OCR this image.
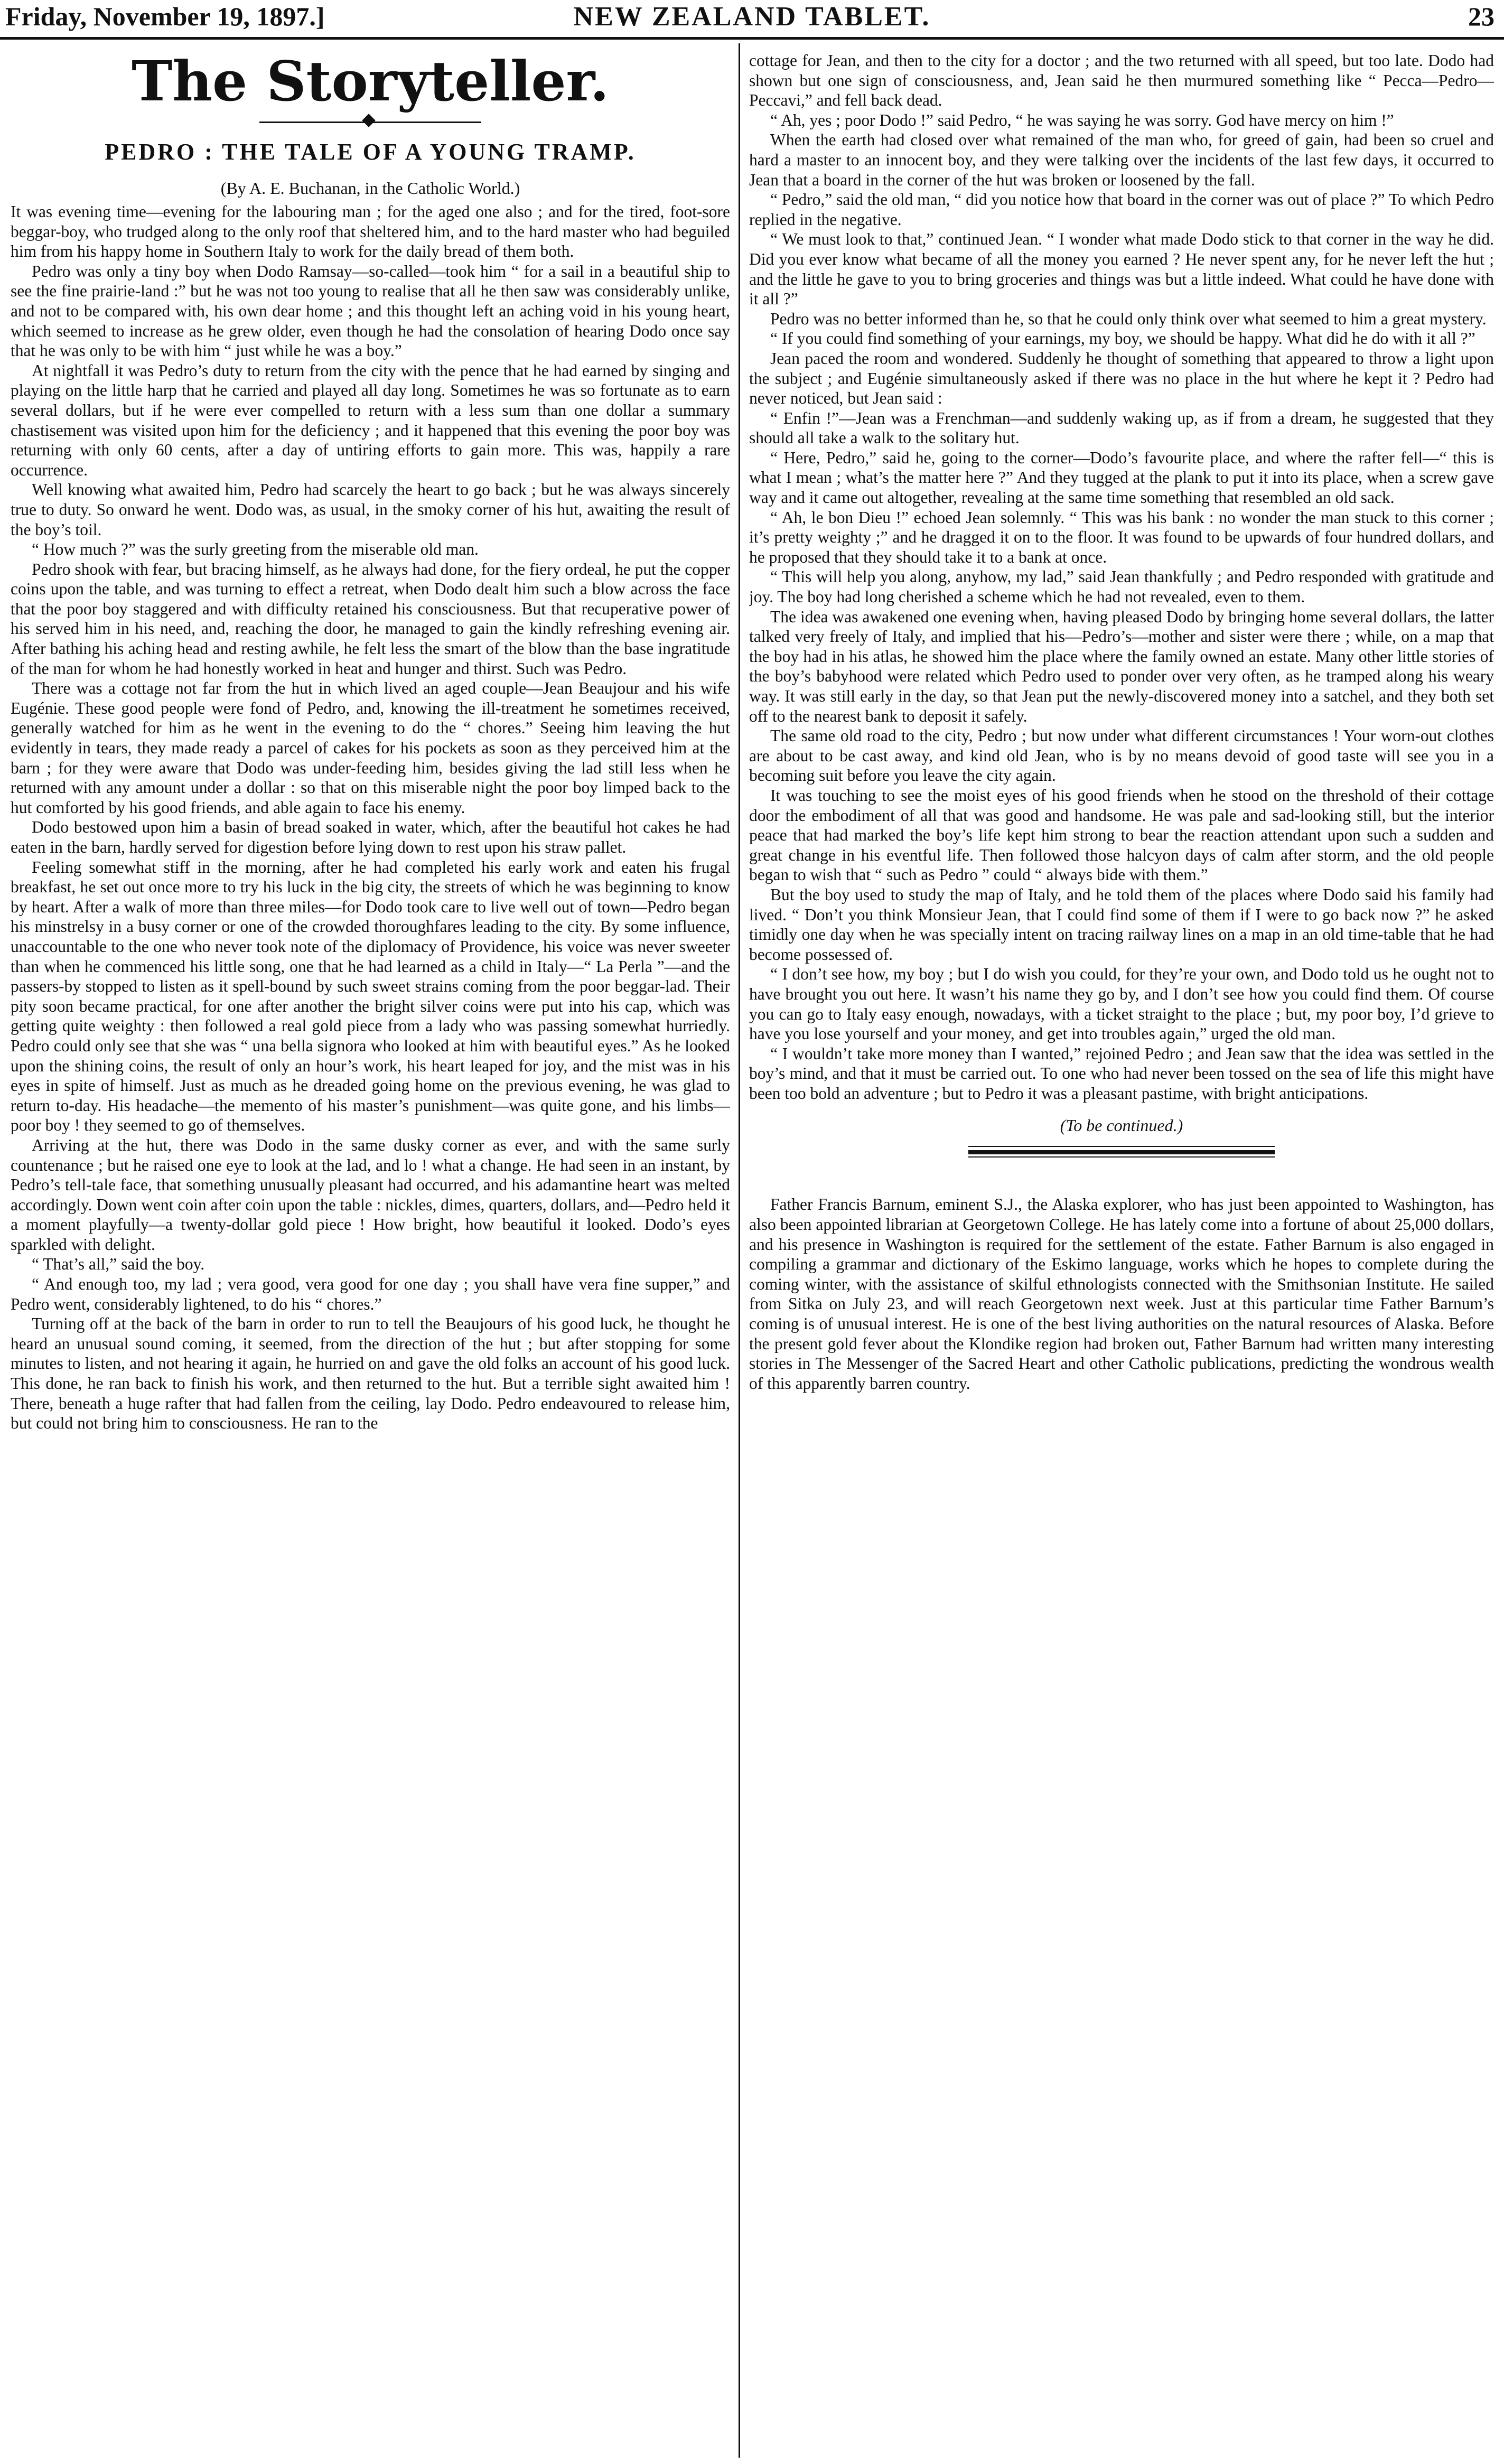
Friday, November 19, 1897.]	NEW ZEALAND TABLET.	23
The Storyteller.
PEDRO : THE TALE OF A YOUNG TRAMP.
(By A. E. Buchanan, in the Catholic World.)

It was evening time—evening for the labouring man ; for the aged one also ; and for the tired, foot-sore beggar-boy, who trudged along to the only roof that sheltered him, and to the hard master who had beguiled him from his happy home in Southern Italy to work for the daily bread of them both.

Pedro was only a tiny boy when Dodo Ramsay—so-called—took him “ for a sail in a beautiful ship to see the fine prairie-land :” but he was not too young to realise that all he then saw was considerably unlike, and not to be compared with, his own dear home ; and this thought left an aching void in his young heart, which seemed to increase as he grew older, even though he had the consolation of hearing Dodo once say that he was only to be with him “ just while he was a boy.”

At nightfall it was Pedro’s duty to return from the city with the pence that he had earned by singing and playing on the little harp that he carried and played all day long. Sometimes he was so fortunate as to earn several dollars, but if he were ever compelled to return with a less sum than one dollar a summary chastisement was visited upon him for the deficiency ; and it happened that this evening the poor boy was returning with only 60 cents, after a day of untiring efforts to gain more. This was, happily a rare occurrence.

Well knowing what awaited him, Pedro had scarcely the heart to go back ; but he was always sincerely true to duty. So onward he went. Dodo was, as usual, in the smoky corner of his hut, awaiting the result of the boy’s toil.

“ How much ?” was the surly greeting from the miserable old man.

Pedro shook with fear, but bracing himself, as he always had done, for the fiery ordeal, he put the copper coins upon the table, and was turning to effect a retreat, when Dodo dealt him such a blow across the face that the poor boy staggered and with difficulty retained his consciousness. But that recuperative power of his served him in his need, and, reaching the door, he managed to gain the kindly refreshing evening air. After bathing his aching head and resting awhile, he felt less the smart of the blow than the base ingratitude of the man for whom he had honestly worked in heat and hunger and thirst. Such was Pedro.

There was a cottage not far from the hut in which lived an aged couple—Jean Beaujour and his wife Eugénie. These good people were fond of Pedro, and, knowing the ill-treatment he sometimes received, generally watched for him as he went in the evening to do the “ chores.” Seeing him leaving the hut evidently in tears, they made ready a parcel of cakes for his pockets as soon as they perceived him at the barn ; for they were aware that Dodo was under-feeding him, besides giving the lad still less when he returned with any amount under a dollar : so that on this miserable night the poor boy limped back to the hut comforted by his good friends, and able again to face his enemy.

Dodo bestowed upon him a basin of bread soaked in water, which, after the beautiful hot cakes he had eaten in the barn, hardly served for digestion before lying down to rest upon his straw pallet.

Feeling somewhat stiff in the morning, after he had completed his early work and eaten his frugal breakfast, he set out once more to try his luck in the big city, the streets of which he was beginning to know by heart. After a walk of more than three miles—for Dodo took care to live well out of town—Pedro began his minstrelsy in a busy corner or one of the crowded thoroughfares leading to the city. By some influence, unaccountable to the one who never took note of the diplomacy of Providence, his voice was never sweeter than when he commenced his little song, one that he had learned as a child in Italy—“ La Perla ”—and the passers-by stopped to listen as it spell-bound by such sweet strains coming from the poor beggar-lad. Their pity soon became practical, for one after another the bright silver coins were put into his cap, which was getting quite weighty : then followed a real gold piece from a lady who was passing somewhat hurriedly. Pedro could only see that she was “ una bella signora who looked at him with beautiful eyes.” As he looked upon the shining coins, the result of only an hour’s work, his heart leaped for joy, and the mist was in his eyes in spite of himself. Just as much as he dreaded going home on the previous evening, he was glad to return to-day. His headache—the memento of his master’s punishment—was quite gone, and his limbs—poor boy ! they seemed to go of themselves.

Arriving at the hut, there was Dodo in the same dusky corner as ever, and with the same surly countenance ; but he raised one eye to look at the lad, and lo ! what a change. He had seen in an instant, by Pedro’s tell-tale face, that something unusually pleasant had occurred, and his adamantine heart was melted accordingly. Down went coin after coin upon the table : nickles, dimes, quarters, dollars, and—Pedro held it a moment playfully—a twenty-dollar gold piece ! How bright, how beautiful it looked. Dodo’s eyes sparkled with delight.

“ That’s all,” said the boy.

“ And enough too, my lad ; vera good, vera good for one day ; you shall have vera fine supper,” and Pedro went, considerably lightened, to do his “ chores.”

Turning off at the back of the barn in order to run to tell the Beaujours of his good luck, he thought he heard an unusual sound coming, it seemed, from the direction of the hut ; but after stopping for some minutes to listen, and not hearing it again, he hurried on and gave the old folks an account of his good luck. This done, he ran back to finish his work, and then returned to the hut. But a terrible sight awaited him ! There, beneath a huge rafter that had fallen from the ceiling, lay Dodo. Pedro endeavoured to release him, but could not bring him to consciousness. He ran to the

cottage for Jean, and then to the city for a doctor ; and the two returned with all speed, but too late. Dodo had shown but one sign of consciousness, and, Jean said he then murmured something like “ Pecca—Pedro—Peccavi,” and fell back dead.

“ Ah, yes ; poor Dodo !” said Pedro, “ he was saying he was sorry. God have mercy on him !”

When the earth had closed over what remained of the man who, for greed of gain, had been so cruel and hard a master to an innocent boy, and they were talking over the incidents of the last few days, it occurred to Jean that a board in the corner of the hut was broken or loosened by the fall.

“ Pedro,” said the old man, “ did you notice how that board in the corner was out of place ?” To which Pedro replied in the negative.

“ We must look to that,” continued Jean. “ I wonder what made Dodo stick to that corner in the way he did. Did you ever know what became of all the money you earned ? He never spent any, for he never left the hut ; and the little he gave to you to bring groceries and things was but a little indeed. What could he have done with it all ?”

Pedro was no better informed than he, so that he could only think over what seemed to him a great mystery.

“ If you could find something of your earnings, my boy, we should be happy. What did he do with it all ?”

Jean paced the room and wondered. Suddenly he thought of something that appeared to throw a light upon the subject ; and Eugénie simultaneously asked if there was no place in the hut where he kept it ? Pedro had never noticed, but Jean said :

“ Enfin !”—Jean was a Frenchman—and suddenly waking up, as if from a dream, he suggested that they should all take a walk to the solitary hut.

“ Here, Pedro,” said he, going to the corner—Dodo’s favourite place, and where the rafter fell—“ this is what I mean ; what’s the matter here ?” And they tugged at the plank to put it into its place, when a screw gave way and it came out altogether, revealing at the same time something that resembled an old sack.

“ Ah, le bon Dieu !” echoed Jean solemnly. “ This was his bank : no wonder the man stuck to this corner ; it’s pretty weighty ;” and he dragged it on to the floor. It was found to be upwards of four hundred dollars, and he proposed that they should take it to a bank at once.

“ This will help you along, anyhow, my lad,” said Jean thankfully ; and Pedro responded with gratitude and joy. The boy had long cherished a scheme which he had not revealed, even to them.

The idea was awakened one evening when, having pleased Dodo by bringing home several dollars, the latter talked very freely of Italy, and implied that his—Pedro’s—mother and sister were there ; while, on a map that the boy had in his atlas, he showed him the place where the family owned an estate. Many other little stories of the boy’s babyhood were related which Pedro used to ponder over very often, as he tramped along his weary way. It was still early in the day, so that Jean put the newly-discovered money into a satchel, and they both set off to the nearest bank to deposit it safely.

The same old road to the city, Pedro ; but now under what different circumstances ! Your worn-out clothes are about to be cast away, and kind old Jean, who is by no means devoid of good taste will see you in a becoming suit before you leave the city again.

It was touching to see the moist eyes of his good friends when he stood on the threshold of their cottage door the embodiment of all that was good and handsome. He was pale and sad-looking still, but the interior peace that had marked the boy’s life kept him strong to bear the reaction attendant upon such a sudden and great change in his eventful life. Then followed those halcyon days of calm after storm, and the old people began to wish that “ such as Pedro ” could “ always bide with them.”

But the boy used to study the map of Italy, and he told them of the places where Dodo said his family had lived. “ Don’t you think Monsieur Jean, that I could find some of them if I were to go back now ?” he asked timidly one day when he was specially intent on tracing railway lines on a map in an old time-table that he had become possessed of.

“ I don’t see how, my boy ; but I do wish you could, for they’re your own, and Dodo told us he ought not to have brought you out here. It wasn’t his name they go by, and I don’t see how you could find them. Of course you can go to Italy easy enough, nowadays, with a ticket straight to the place ; but, my poor boy, I’d grieve to have you lose yourself and your money, and get into troubles again,” urged the old man.

“ I wouldn’t take more money than I wanted,” rejoined Pedro ; and Jean saw that the idea was settled in the boy’s mind, and that it must be carried out. To one who had never been tossed on the sea of life this might have been too bold an adventure ; but to Pedro it was a pleasant pastime, with bright anticipations.

(To be continued.)

Father Francis Barnum, eminent S.J., the Alaska explorer, who has just been appointed to Washington, has also been appointed librarian at Georgetown College. He has lately come into a fortune of about 25,000 dollars, and his presence in Washington is required for the settlement of the estate. Father Barnum is also engaged in compiling a grammar and dictionary of the Eskimo language, works which he hopes to complete during the coming winter, with the assistance of skilful ethnologists connected with the Smithsonian Institute. He sailed from Sitka on July 23, and will reach Georgetown next week. Just at this particular time Father Barnum’s coming is of unusual interest. He is one of the best living authorities on the natural resources of Alaska. Before the present gold fever about the Klondike region had broken out, Father Barnum had written many interesting stories in The Messenger of the Sacred Heart and other Catholic publications, predicting the wondrous wealth of this apparently barren country.
